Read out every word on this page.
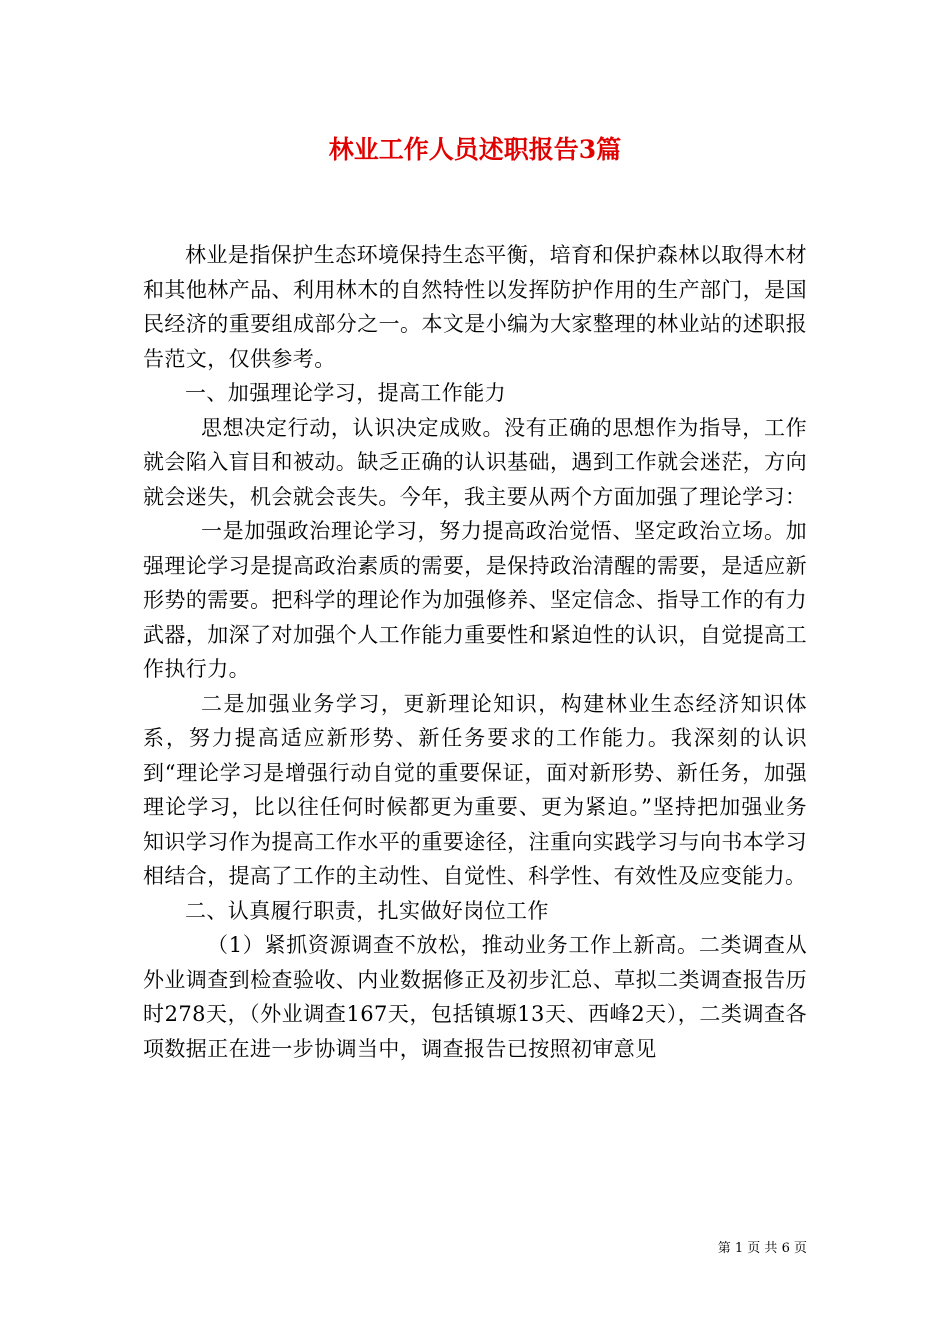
林业工作人员述职报告3篇

林业是指保护生态环境保持生态平衡，培育和保护森林以取得木材和其他林产品、利用林木的自然特性以发挥防护作用的生产部门，是国民经济的重要组成部分之一。本文是小编为大家整理的林业站的述职报告范文，仅供参考。

一、加强理论学习，提高工作能力

思想决定行动，认识决定成败。没有正确的思想作为指导，工作就会陷入盲目和被动。缺乏正确的认识基础，遇到工作就会迷茫，方向就会迷失，机会就会丧失。今年，我主要从两个方面加强了理论学习：

一是加强政治理论学习，努力提高政治觉悟、坚定政治立场。加强理论学习是提高政治素质的需要，是保持政治清醒的需要，是适应新形势的需要。把科学的理论作为加强修养、坚定信念、指导工作的有力武器，加深了对加强个人工作能力重要性和紧迫性的认识，自觉提高工作执行力。

二是加强业务学习，更新理论知识，构建林业生态经济知识体系，努力提高适应新形势、新任务要求的工作能力。我深刻的认识到“理论学习是增强行动自觉的重要保证，面对新形势、新任务，加强理论学习，比以往任何时候都更为重要、更为紧迫。”坚持把加强业务知识学习作为提高工作水平的重要途径，注重向实践学习与向书本学习相结合，提高了工作的主动性、自觉性、科学性、有效性及应变能力。

二、认真履行职责，扎实做好岗位工作

（1）紧抓资源调查不放松，推动业务工作上新高。二类调查从外业调查到检查验收、内业数据修正及初步汇总、草拟二类调查报告历时278天，（外业调查167天，包括镇塬13天、西峰2天），二类调查各项数据正在进一步协调当中，调查报告已按照初审意见

第 1 页 共 6 页
